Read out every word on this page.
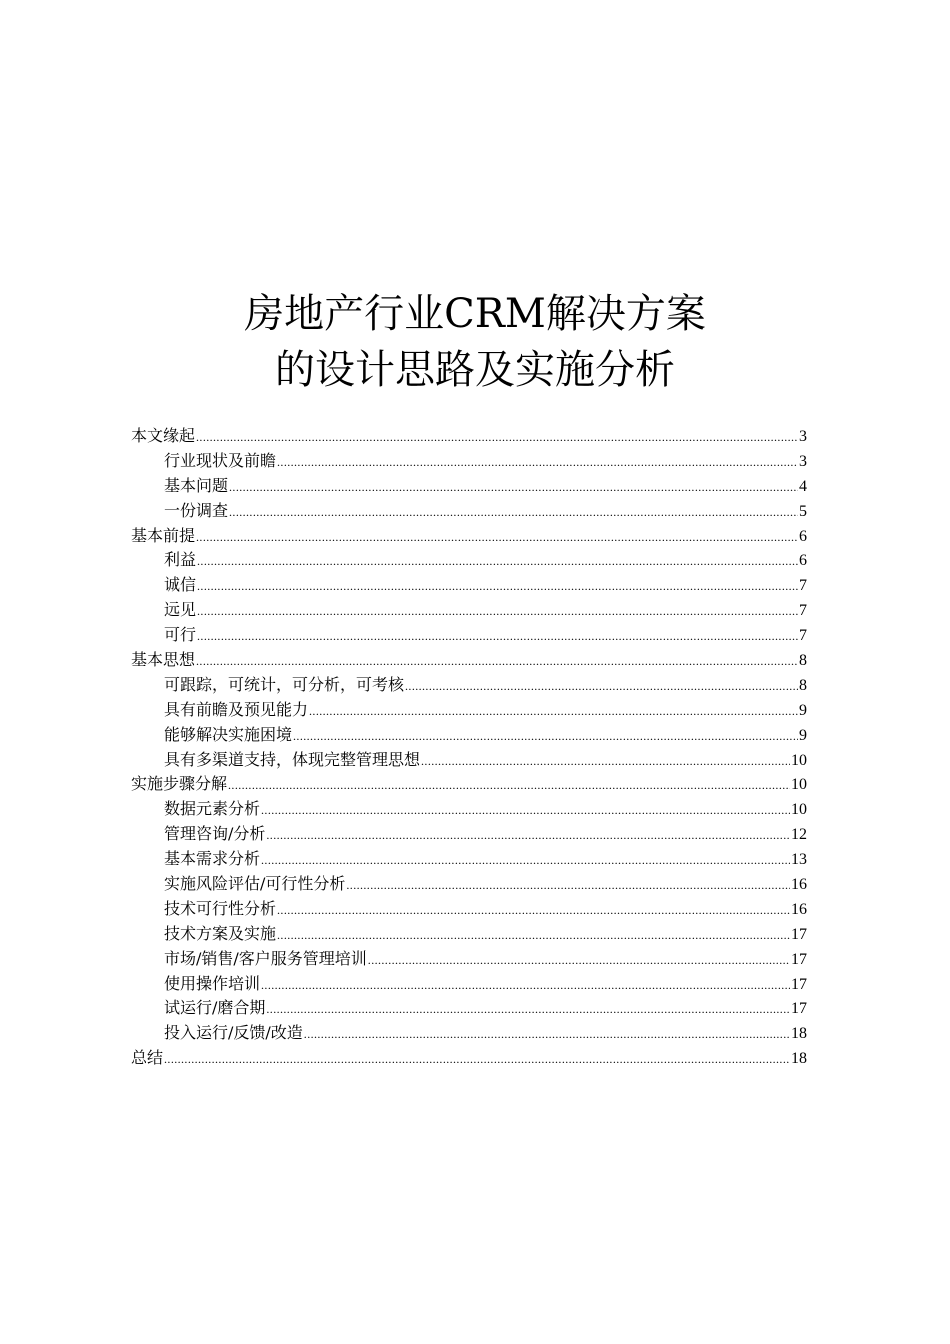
房地产行业CRM解决方案
的设计思路及实施分析
本文缘起 .....	3
行业现状及前瞻 .....	3
基本问题 .....	4
一份调查 .....	5
基本前提 .....	6
利益 .....	6
诚信 .....	7
远见 .....	7
可行 .....	7
基本思想 .....	8
可跟踪，可统计，可分析，可考核 .....	8
具有前瞻及预见能力 .....	9
能够解决实施困境 .....	9
具有多渠道支持，体现完整管理思想 .....	10
实施步骤分解 .....	10
数据元素分析 .....	10
管理咨询/分析 .....	12
基本需求分析 .....	13
实施风险评估/可行性分析 .....	16
技术可行性分析 .....	16
技术方案及实施 .....	17
市场/销售/客户服务管理培训 .....	17
使用操作培训 .....	17
试运行/磨合期 .....	17
投入运行/反馈/改造 .....	18
总结 .....	18
